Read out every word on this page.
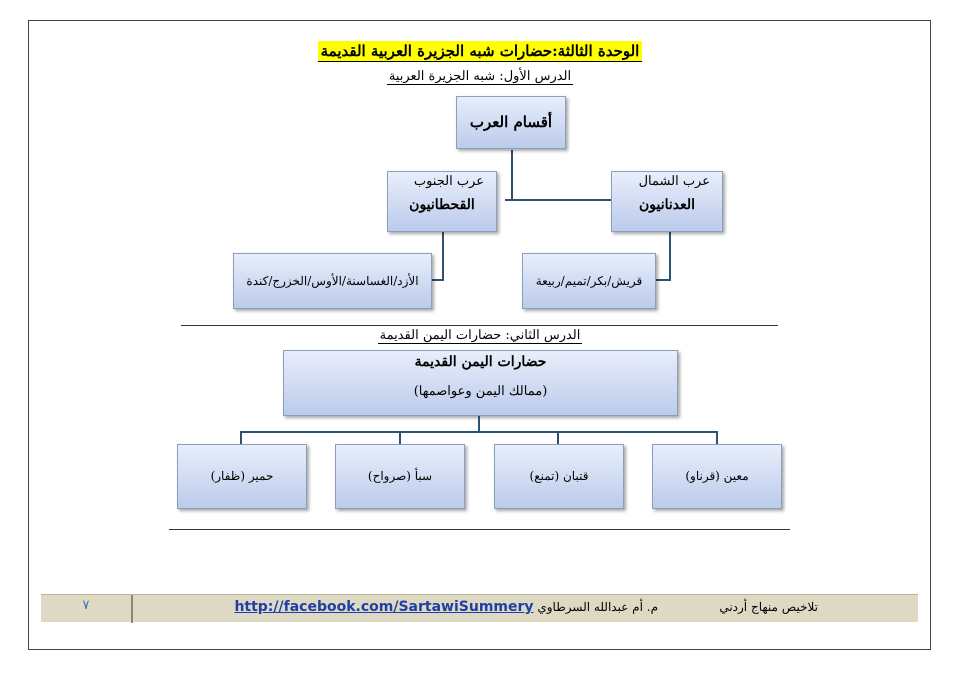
الوحدة الثالثة:حضارات شبه الجزيرة العربية القديمة
الدرس الأول: شبه الجزيرة العربية
أقسام العرب
عرب الجنوب
القحطانيون
عرب الشمال
العدنانيون
الأزد/الغساسنة/الأوس/الخزرج/كندة	قريش/بكر/تميم/ربيعة
الدرس الثاني: حضارات اليمن القديمة
حضارات اليمن القديمة
(ممالك اليمن وعواصمها)
حمير (ظفار)	سبأ (صرواح)	قتبان (تمنع)	معين (قرناو)
٧	تلاخيص منهاج أردني
م. أم عبدالله السرطاوي http://facebook.com/SartawiSummery
